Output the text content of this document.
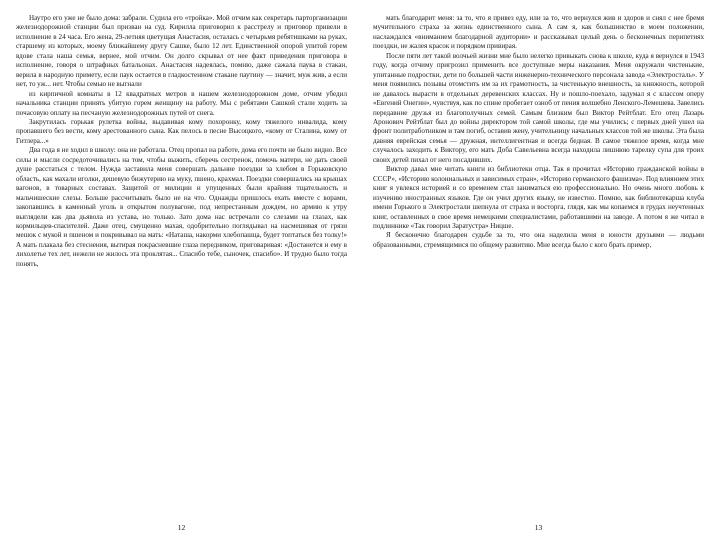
Наутро его уже не было дома: забрали. Судила его «тройка». Мой отчим как секретарь парторганизации железнодорожной станции был призван на суд. Кирилла приговорил к расстрелу и приговор привели в исполнение в 24 часа. Его жена, 29-летняя цветущая Анастасия, осталась с четырьмя ребятишками на руках, старшему из которых, моему ближайшему другу Сашке, было 12 лет. Единственной опорой упитой горем вдове стала наша семья, вернее, мой отчим. Он долго скрывал от нее факт приведения приговора в исполнение, говоря о штрафных батальонах. Анастасия надеялась, помню, даже сажала паука в стакан, верила в народную примету, если паук остается в гладкостенном стакане паутину — значит, муж жив, а если нет, то уж... нет. Чтобы семью не выгнали

из кирпичной комнаты в 12 квадратных метров в нашем железнодорожном доме, отчим убедил начальника станции принять убитую горем женщину на работу. Мы с ребятами Сашкой стали ходить за почасовую оплату на песчаную железнодорожных путей от снега.

Закрутилась горькая рулетка войны, выдавивая кому похоронку, кому тяжелого инвалида, кому пропавшего без вести, кому арестованного сына. Как пелось в песне Высоцкого, «кому от Сталина, кому от Гитлера...»

Два года я не ходил в школу: она не работала. Отец пропал на работе, дома его почти не было видно. Все силы и мысли сосредоточивались на том, чтобы выжить, сберечь сестренок, помочь матери, не дать своей душе расстаться с телом. Нужда заставила меня совершать дальние поездки за хлебом в Горьковскую область, как махали иголки, дешевую бижутерию на муку, пшено, крахмал. Поездки совершались на крышах вагонов, в товарных составах. Защитой от милиции и упущенных были крайняя тщательность и мальчишеские слезы. Больше рассчитывать было не на что. Однажды пришлось ехать вместе с ворами, закопавшись в каменный уголь в открытом полувагоне, под непрестанным дождем, но армию к утру выглядели как два дьявола из устава, но только. Зато дома нас встречали со слезами на глазах, как кормильцев-спасителей. Даже отец, смущенно махая, одобрительно поглядывал на насмешивая от грязи мешок с мукой и пшеном и покривывал на мать: «Наташа, накорми хлебопашца, будет топтаться без толку!» А мать плакала без стеснения, вытирая покрасневшие глаза передником, приговаривая: «Достанется и ему в лихолетье тех лет, нежели не жилось эта проклятая... Спасибо тебе, сыночек, спасибо». И трудно было тогда понять,

12

мать благодарит меня: за то, что я привез еду, или за то, что вернулся жив и здоров и снял с нее бремя мучительного страха за жизнь единственного сына. А сам я, как большинство в моем положении, наслаждался «вниманием благодарной аудитории» и рассказывал целый день о бесконечных перипетиях поездки, не жалея красок и порядком привирая.

После пяти лет такой волчьей жизни мне было нелегко привыкать снова к школе, куда я вернулся в 1943 году, когда отчиму пригрозил применить все доступные меры наказания. Меня окружали чистенькие, упитанные подростки, дети по большей части инженерно-технического персонала завода «Электросталь». У меня появились позывы отомстить им за их грамотность, за чистенькую внешность, за книжность, которой не давалось вырасти в отдельных деревенских классах. Ну и пошло-поехало, задумал я с классом оперу «Евгений Онегин», чувствуя, как по спине пробегает озноб от пения волшебно Ленского-Лемешева. Завелись передавние друзья из благополучных семей. Самым близким был Виктор Рейтблат. Его отец Лазарь Аронович Рейтблат был до войны директором той самой школы, где мы учились; с первых дней ушел на фронт политработником и там погиб, оставив жену, учительницу начальных классов той же школы. Эта была давняя еврейская семья — дружная, интеллигентная и всегда бедная. В самое тяжелое время, когда мне случалось заходить к Виктору, его мать Доба Савельевна всегда находила лишнюю тарелку супа для троих своих детей пихал от него посадивших.

Виктор давал мне читать книги из библиотеки отца. Так я прочитал «Историю гражданской войны в СССР», «Историю колониальных и зависимых стран», «Историю германского фашизма». Под влиянием этих книг я увлекся историей и со временем стал заниматься ею профессионально. Но очень много любовь к изучению иностранных языков. Где он учил других языку, не известно. Помню, как библиотекарша клуба имени Горького в Электростали шепнула от страха и восторга, глядя, как мы копаемся в грудах неучтенных книг, оставленных в свое время немецкими специалистами, работавшими на заводе. А потом я же читал в подлиннике «Так говорил Заратустра» Ницше.

Я бесконечно благодарен судьбе за то, что она наделила меня в юности друзьями — людьми образованными, стремящимися по общему развитию. Мне всегда было с кого брать пример,

13
